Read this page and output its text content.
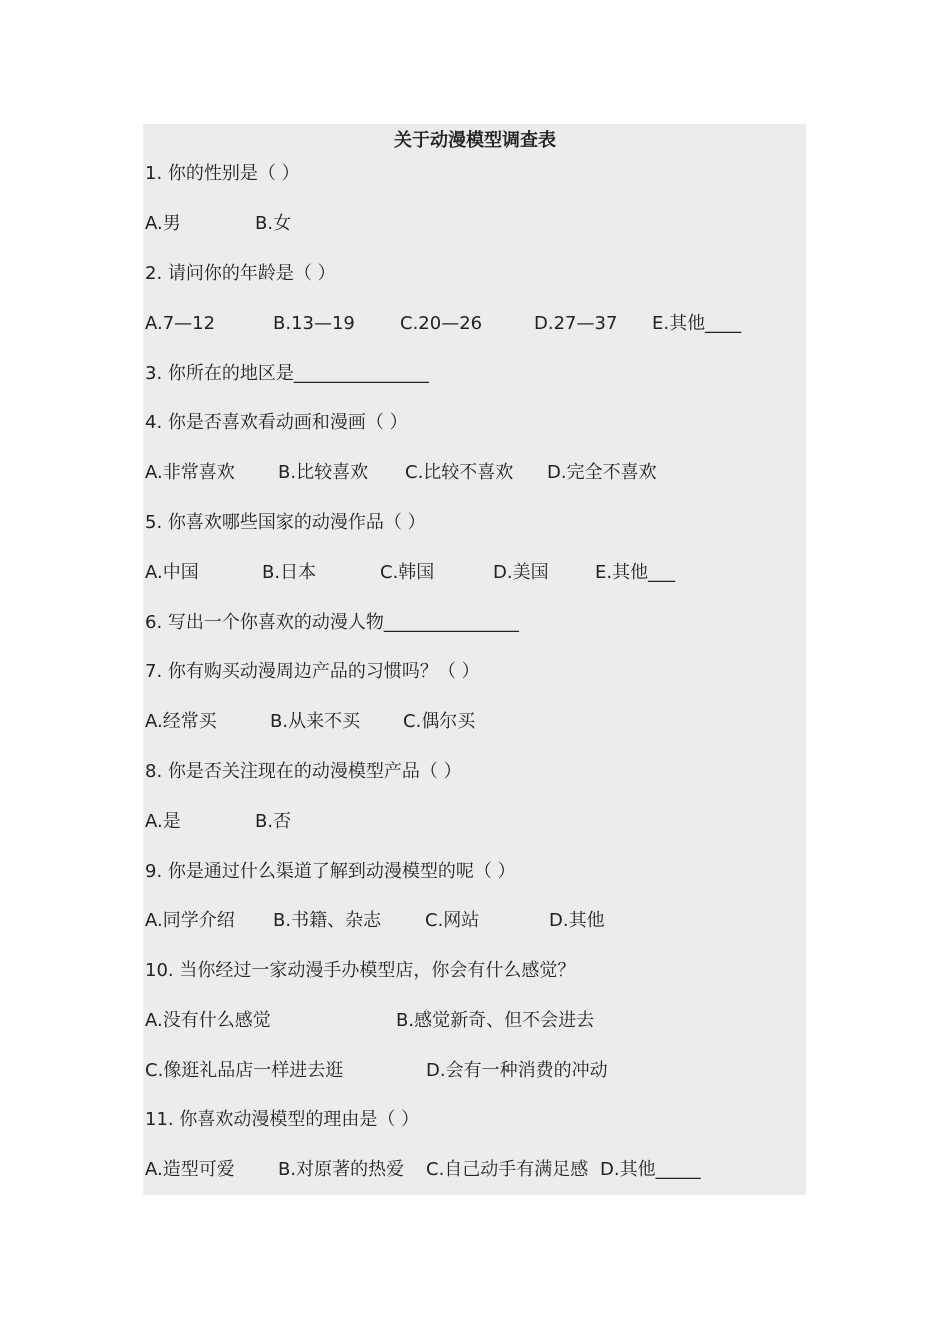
关于动漫模型调查表
1. 你的性别是（ ）
A.男	B.女
2. 请问你的年龄是（ ）
A.7—12	B.13—19	C.20—26	D.27—37 E.其他____
3. 你所在的地区是_______________
4. 你是否喜欢看动画和漫画（ ）
A.非常喜欢 B.比较喜欢 C.比较不喜欢 D.完全不喜欢
5. 你喜欢哪些国家的动漫作品（ ）
A.中国	B.日本	C.韩国	D.美国	E.其他___
6. 写出一个你喜欢的动漫人物_______________
7. 你有购买动漫周边产品的习惯吗？（ ）
A.经常买	B.从来不买 C.偶尔买
8. 你是否关注现在的动漫模型产品（ ）
A.是	B.否
9. 你是通过什么渠道了解到动漫模型的呢（ ）
A.同学介绍 B.书籍、杂志 C.网站	D.其他
10. 当你经过一家动漫手办模型店，你会有什么感觉？
A.没有什么感觉	B.感觉新奇、但不会进去
C.像逛礼品店一样进去逛	D.会有一种消费的冲动
11. 你喜欢动漫模型的理由是（ ）
A.造型可爱 B.对原著的热爱 C.自己动手有满足感 D.其他_____
